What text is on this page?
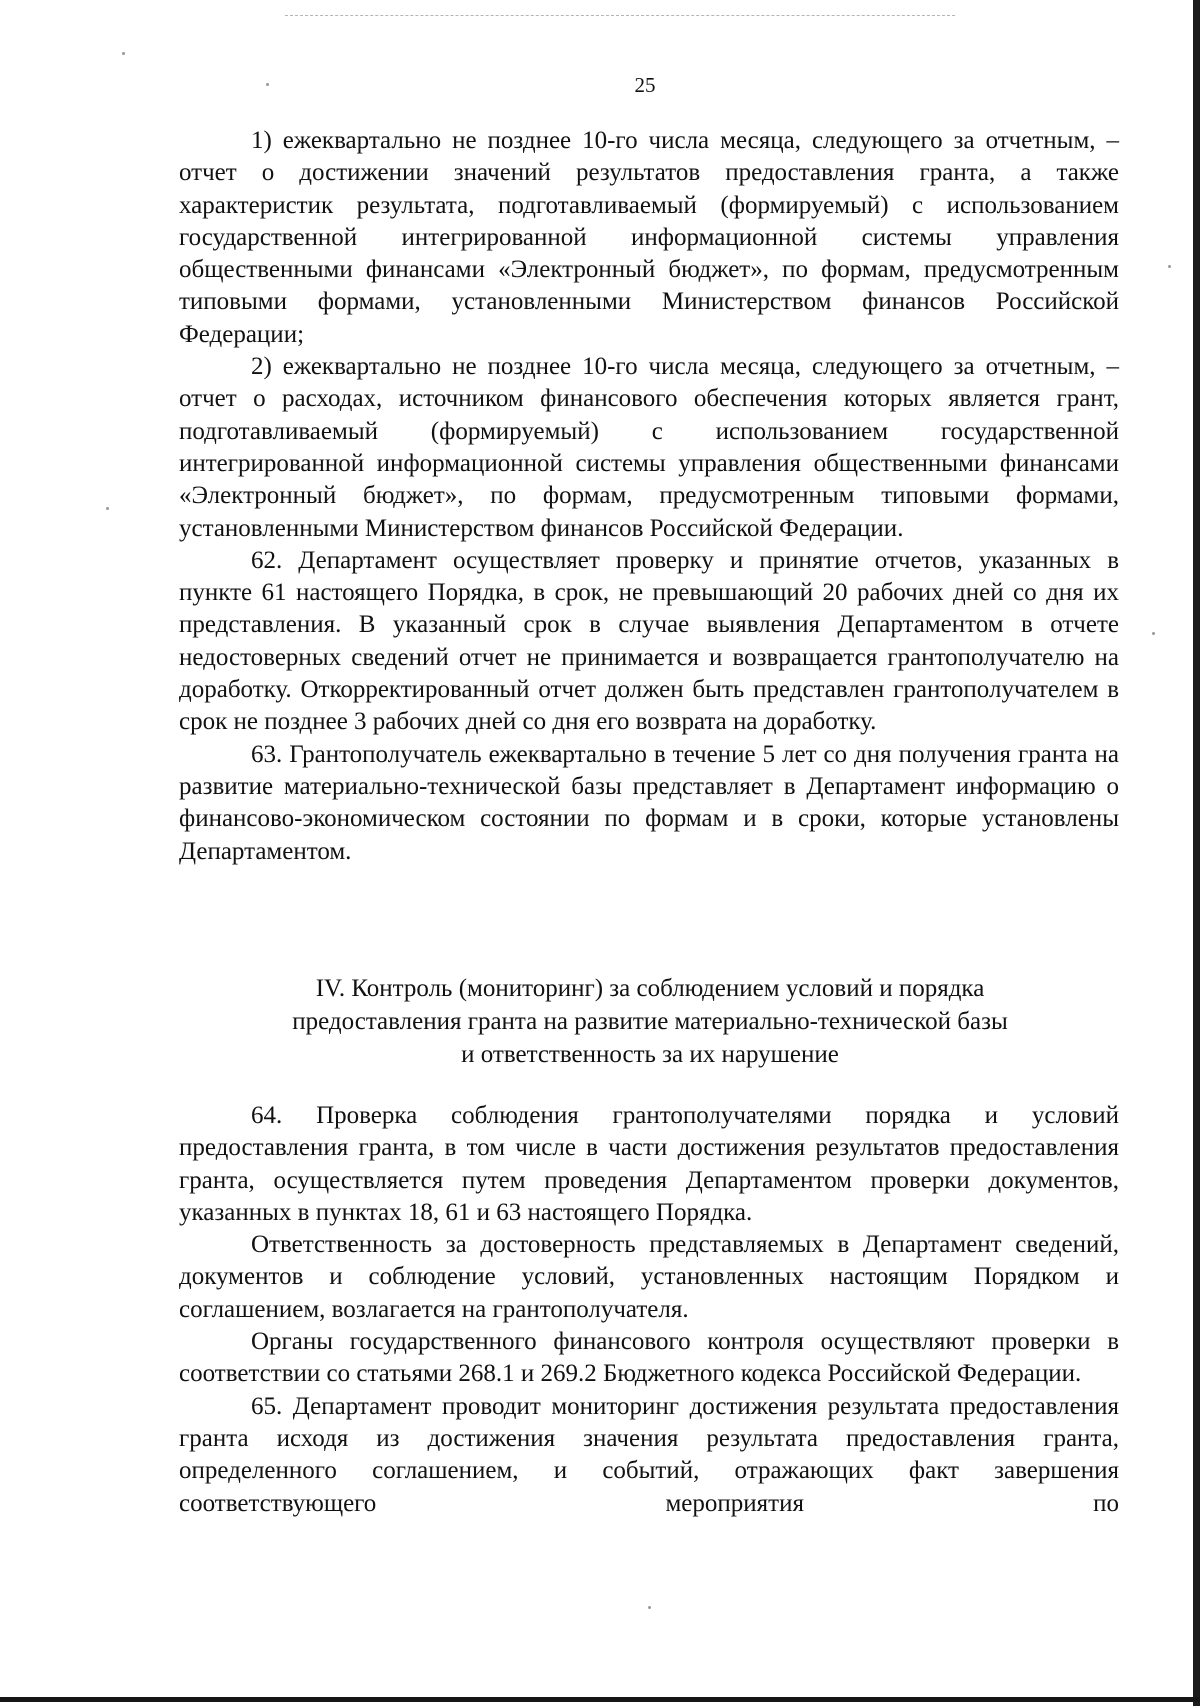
25

1) ежеквартально не позднее 10-го числа месяца, следующего за отчетным, – отчет о достижении значений результатов предоставления гранта, а также характеристик результата, подготавливаемый (формируемый) с использованием государственной интегрированной информационной системы управления общественными финансами «Электронный бюджет», по формам, предусмотренным типовыми формами, установленными Министерством финансов Российской Федерации;

2) ежеквартально не позднее 10-го числа месяца, следующего за отчетным, – отчет о расходах, источником финансового обеспечения которых является грант, подготавливаемый (формируемый) с использованием государственной интегрированной информационной системы управления общественными финансами «Электронный бюджет», по формам, предусмотренным типовыми формами, установленными Министерством финансов Российской Федерации.

62. Департамент осуществляет проверку и принятие отчетов, указанных в пункте 61 настоящего Порядка, в срок, не превышающий 20 рабочих дней со дня их представления. В указанный срок в случае выявления Департаментом в отчете недостоверных сведений отчет не принимается и возвращается грантополучателю на доработку. Откорректированный отчет должен быть представлен грантополучателем в срок не позднее 3 рабочих дней со дня его возврата на доработку.

63. Грантополучатель ежеквартально в течение 5 лет со дня получения гранта на развитие материально-технической базы представляет в Департамент информацию о финансово-экономическом состоянии по формам и в сроки, которые установлены Департаментом.

IV. Контроль (мониторинг) за соблюдением условий и порядка
предоставления гранта на развитие материально-технической базы
и ответственность за их нарушение

64. Проверка соблюдения грантополучателями порядка и условий предоставления гранта, в том числе в части достижения результатов предоставления гранта, осуществляется путем проведения Департаментом проверки документов, указанных в пунктах 18, 61 и 63 настоящего Порядка.

Ответственность за достоверность представляемых в Департамент сведений, документов и соблюдение условий, установленных настоящим Порядком и соглашением, возлагается на грантополучателя.

Органы государственного финансового контроля осуществляют проверки в соответствии со статьями 268.1 и 269.2 Бюджетного кодекса Российской Федерации.

65. Департамент проводит мониторинг достижения результата предоставления гранта исходя из достижения значения результата предоставления гранта, определенного соглашением, и событий, отражающих факт завершения соответствующего мероприятия по
